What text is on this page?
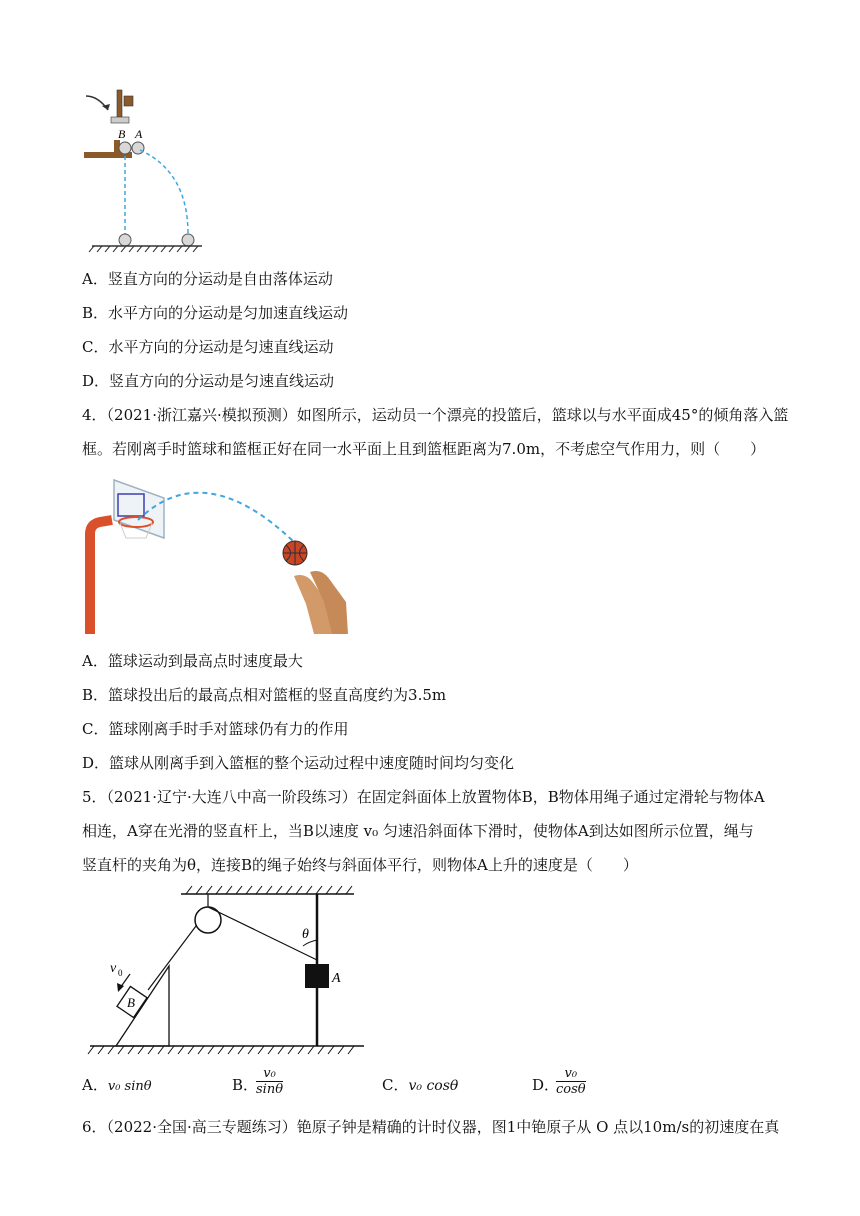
B A
A．竖直方向的分运动是自由落体运动
B．水平方向的分运动是匀加速直线运动
C．水平方向的分运动是匀速直线运动
D．竖直方向的分运动是匀速直线运动
4．（2021·浙江嘉兴·模拟预测）如图所示，运动员一个漂亮的投篮后，篮球以与水平面成45°的倾角落入篮
框。若刚离手时篮球和篮框正好在同一水平面上且到篮框距离为7.0m，不考虑空气作用力，则（　　）
A．篮球运动到最高点时速度最大
B．篮球投出后的最高点相对篮框的竖直高度约为3.5m
C．篮球刚离手时手对篮球仍有力的作用
D．篮球从刚离手到入篮框的整个运动过程中速度随时间均匀变化
5．（2021·辽宁·大连八中高一阶段练习）在固定斜面体上放置物体B，B物体用绳子通过定滑轮与物体A
相连，A穿在光滑的竖直杆上，当B以速度 v₀ 匀速沿斜面体下滑时，使物体A到达如图所示位置，绳与
竖直杆的夹角为θ，连接B的绳子始终与斜面体平行，则物体A上升的速度是（　　）
θ
A
B
v 0
A．v₀ sinθ	B．
$\frac{\text{v₀}}{\sin\theta}$	C．v₀ cosθ	D．
$\frac{\text{v₀}}{\cos\theta}$
6．（2022·全国·高三专题练习）铯原子钟是精确的计时仪器，图1中铯原子从 O 点以10m/s的初速度在真
